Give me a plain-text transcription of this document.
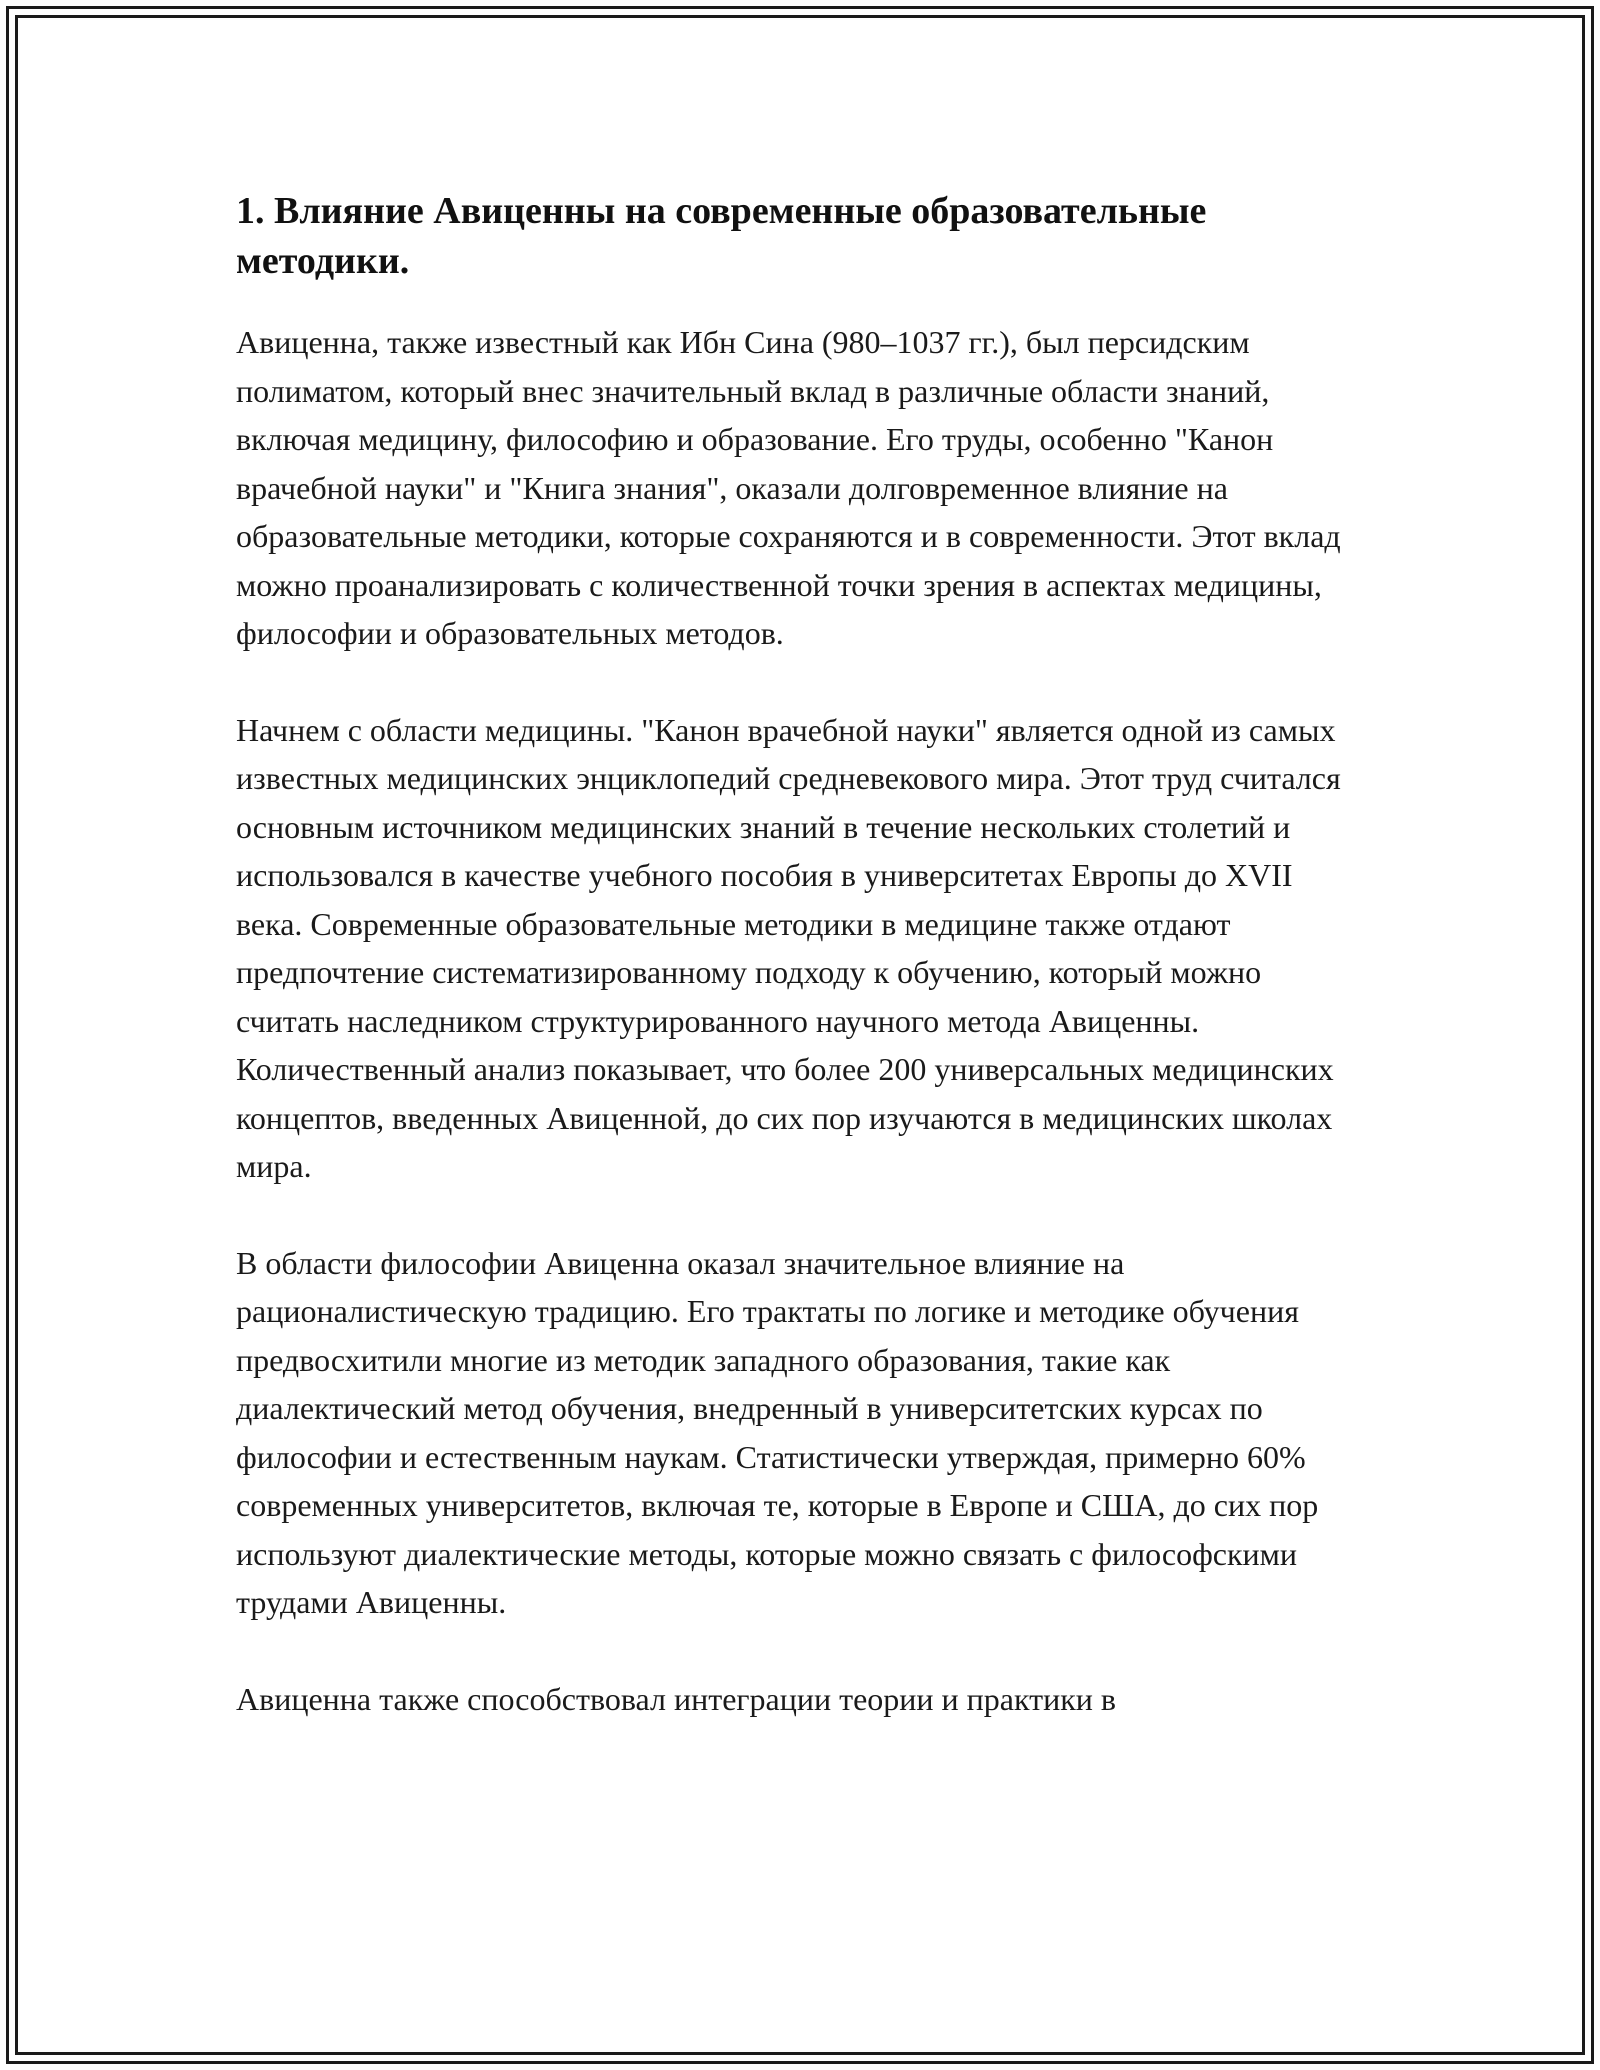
1. Влияние Авиценны на современные образовательные методики.

Авиценна, также известный как Ибн Сина (980–1037 гг.), был персидским полиматом, который внес значительный вклад в различные области знаний, включая медицину, философию и образование. Его труды, особенно "Канон врачебной науки" и "Книга знания", оказали долговременное влияние на образовательные методики, которые сохраняются и в современности. Этот вклад можно проанализировать с количественной точки зрения в аспектах медицины, философии и образовательных методов.

Начнем с области медицины. "Канон врачебной науки" является одной из самых известных медицинских энциклопедий средневекового мира. Этот труд считался основным источником медицинских знаний в течение нескольких столетий и использовался в качестве учебного пособия в университетах Европы до XVII века. Современные образовательные методики в медицине также отдают предпочтение систематизированному подходу к обучению, который можно считать наследником структурированного научного метода Авиценны. Количественный анализ показывает, что более 200 универсальных медицинских концептов, введенных Авиценной, до сих пор изучаются в медицинских школах мира.

В области философии Авиценна оказал значительное влияние на рационалистическую традицию. Его трактаты по логике и методике обучения предвосхитили многие из методик западного образования, такие как диалектический метод обучения, внедренный в университетских курсах по философии и естественным наукам. Статистически утверждая, примерно 60% современных университетов, включая те, которые в Европе и США, до сих пор используют диалектические методы, которые можно связать с философскими трудами Авиценны.

Авиценна также способствовал интеграции теории и практики в
